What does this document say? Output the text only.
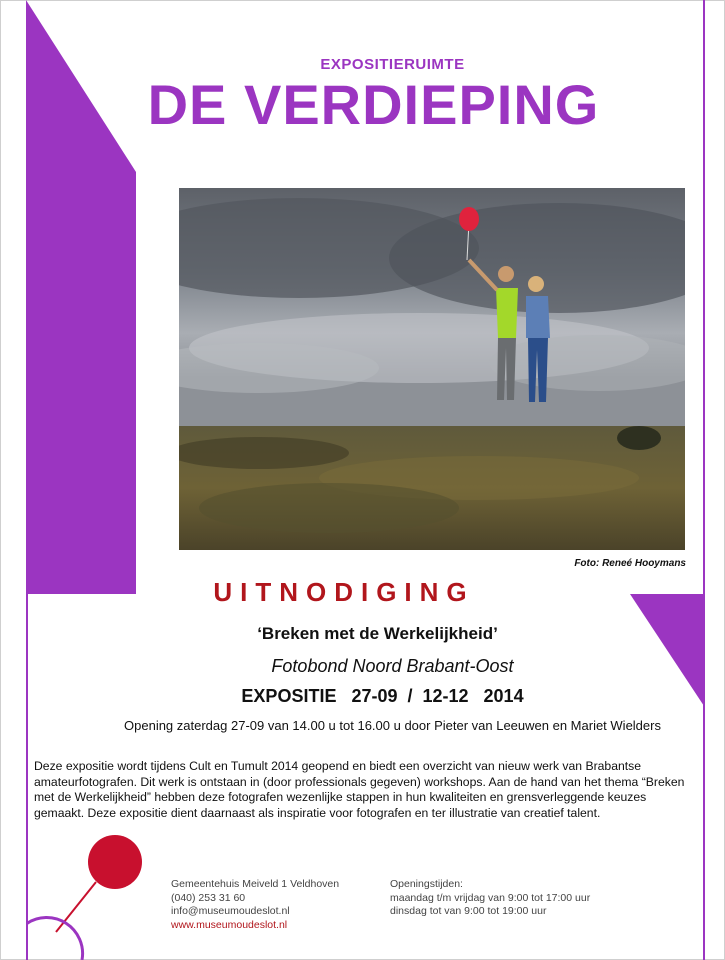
EXPOSITIERUIMTE
DE VERDIEPING
Foto: Reneé Hooymans
UITNODIGING
‘Breken met de Werkelijkheid’
Fotobond Noord Brabant-Oost
EXPOSITIE   27-09  /  12-12   2014
Opening zaterdag 27-09 van 14.00 u tot 16.00 u door Pieter van Leeuwen en Mariet Wielders
Deze expositie wordt tijdens Cult en Tumult 2014 geopend en biedt een overzicht van nieuw werk van Brabantse amateurfotografen. Dit werk is ontstaan in (door professionals gegeven) workshops. Aan de hand van het thema “Breken met de Werkelijkheid” hebben deze fotografen wezenlijke stappen in hun kwaliteiten en grensverleggende keuzes gemaakt. Deze expositie dient daarnaast als inspiratie voor fotografen en ter illustratie van creatief talent.
Gemeentehuis Meiveld 1 Veldhoven
(040) 253 31 60
info@museumoudeslot.nl
www.museumoudeslot.nl
Openingstijden:
maandag t/m vrijdag van 9:00 tot 17:00 uur
dinsdag tot van 9:00 tot 19:00 uur
